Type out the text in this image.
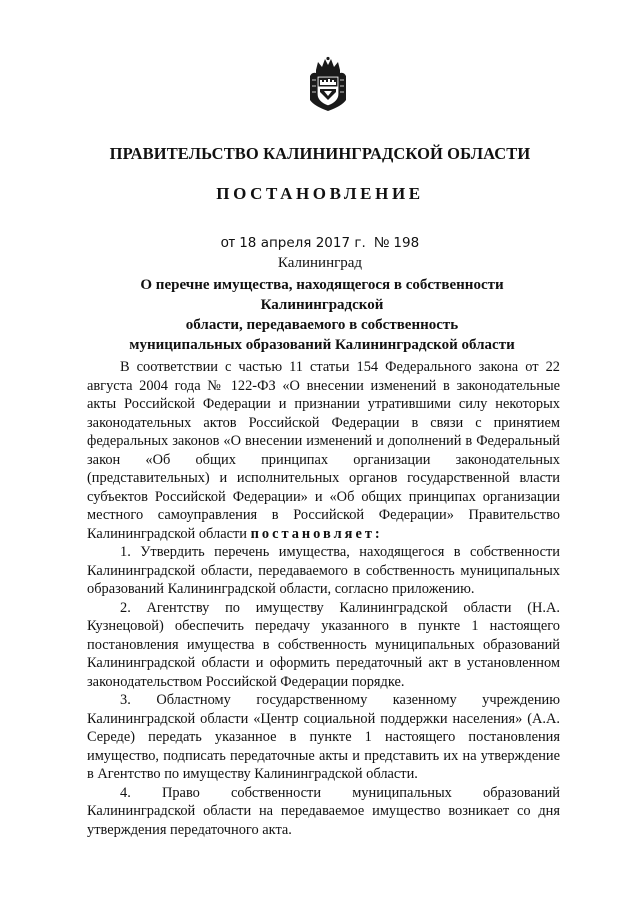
ПРАВИТЕЛЬСТВО КАЛИНИНГРАДСКОЙ ОБЛАСТИ
ПОСТАНОВЛЕНИЕ
от 18 апреля 2017 г. № 198
Калининград
О перечне имущества, находящегося в собственности Калининградской
области, передаваемого в собственность
муниципальных образований Калининградской области

В соответствии с частью 11 статьи 154 Федерального закона от 22 августа 2004 года № 122-ФЗ «О внесении изменений в законодательные акты Российской Федерации и признании утратившими силу некоторых законодательных актов Российской Федерации в связи с принятием федеральных законов «О внесении изменений и дополнений в Федеральный закон «Об общих принципах организации законодательных (представительных) и исполнительных органов государственной власти субъектов Российской Федерации» и «Об общих принципах организации местного самоуправления в Российской Федерации» Правительство Калининградской области постановляет:

1. Утвердить перечень имущества, находящегося в собственности Калининградской области, передаваемого в собственность муниципальных образований Калининградской области, согласно приложению.

2. Агентству по имуществу Калининградской области (Н.А. Кузнецовой) обеспечить передачу указанного в пункте 1 настоящего постановления имущества в собственность муниципальных образований Калининградской области и оформить передаточный акт в установленном законодательством Российской Федерации порядке.

3. Областному государственному казенному учреждению Калининградской области «Центр социальной поддержки населения» (А.А. Середе) передать указанное в пункте 1 настоящего постановления имущество, подписать передаточные акты и представить их на утверждение в Агентство по имуществу Калининградской области.

4. Право собственности муниципальных образований Калининградской области на передаваемое имущество возникает со дня утверждения передаточного акта.
